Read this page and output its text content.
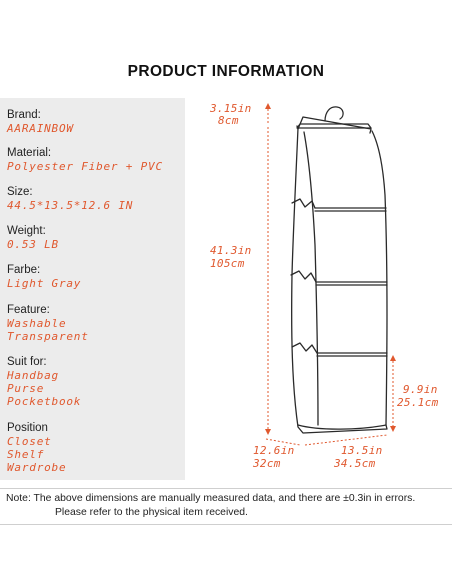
PRODUCT INFORMATION
Brand:
AARAINBOW
Material:
Polyester Fiber + PVC
Size:
44.5*13.5*12.6 IN
Weight:
0.53 LB
Farbe:
Light Gray
Feature:
Washable
Transparent
Suit for:
Handbag
Purse
Pocketbook
Position
Closet
Shelf
Wardrobe
3.15in
8cm
41.3in
105cm
9.9in
25.1cm
12.6in
32cm
13.5in
34.5cm
Note: The above dimensions are manually measured data, and there are ±0.3in in errors.
Please refer to the physical item received.
